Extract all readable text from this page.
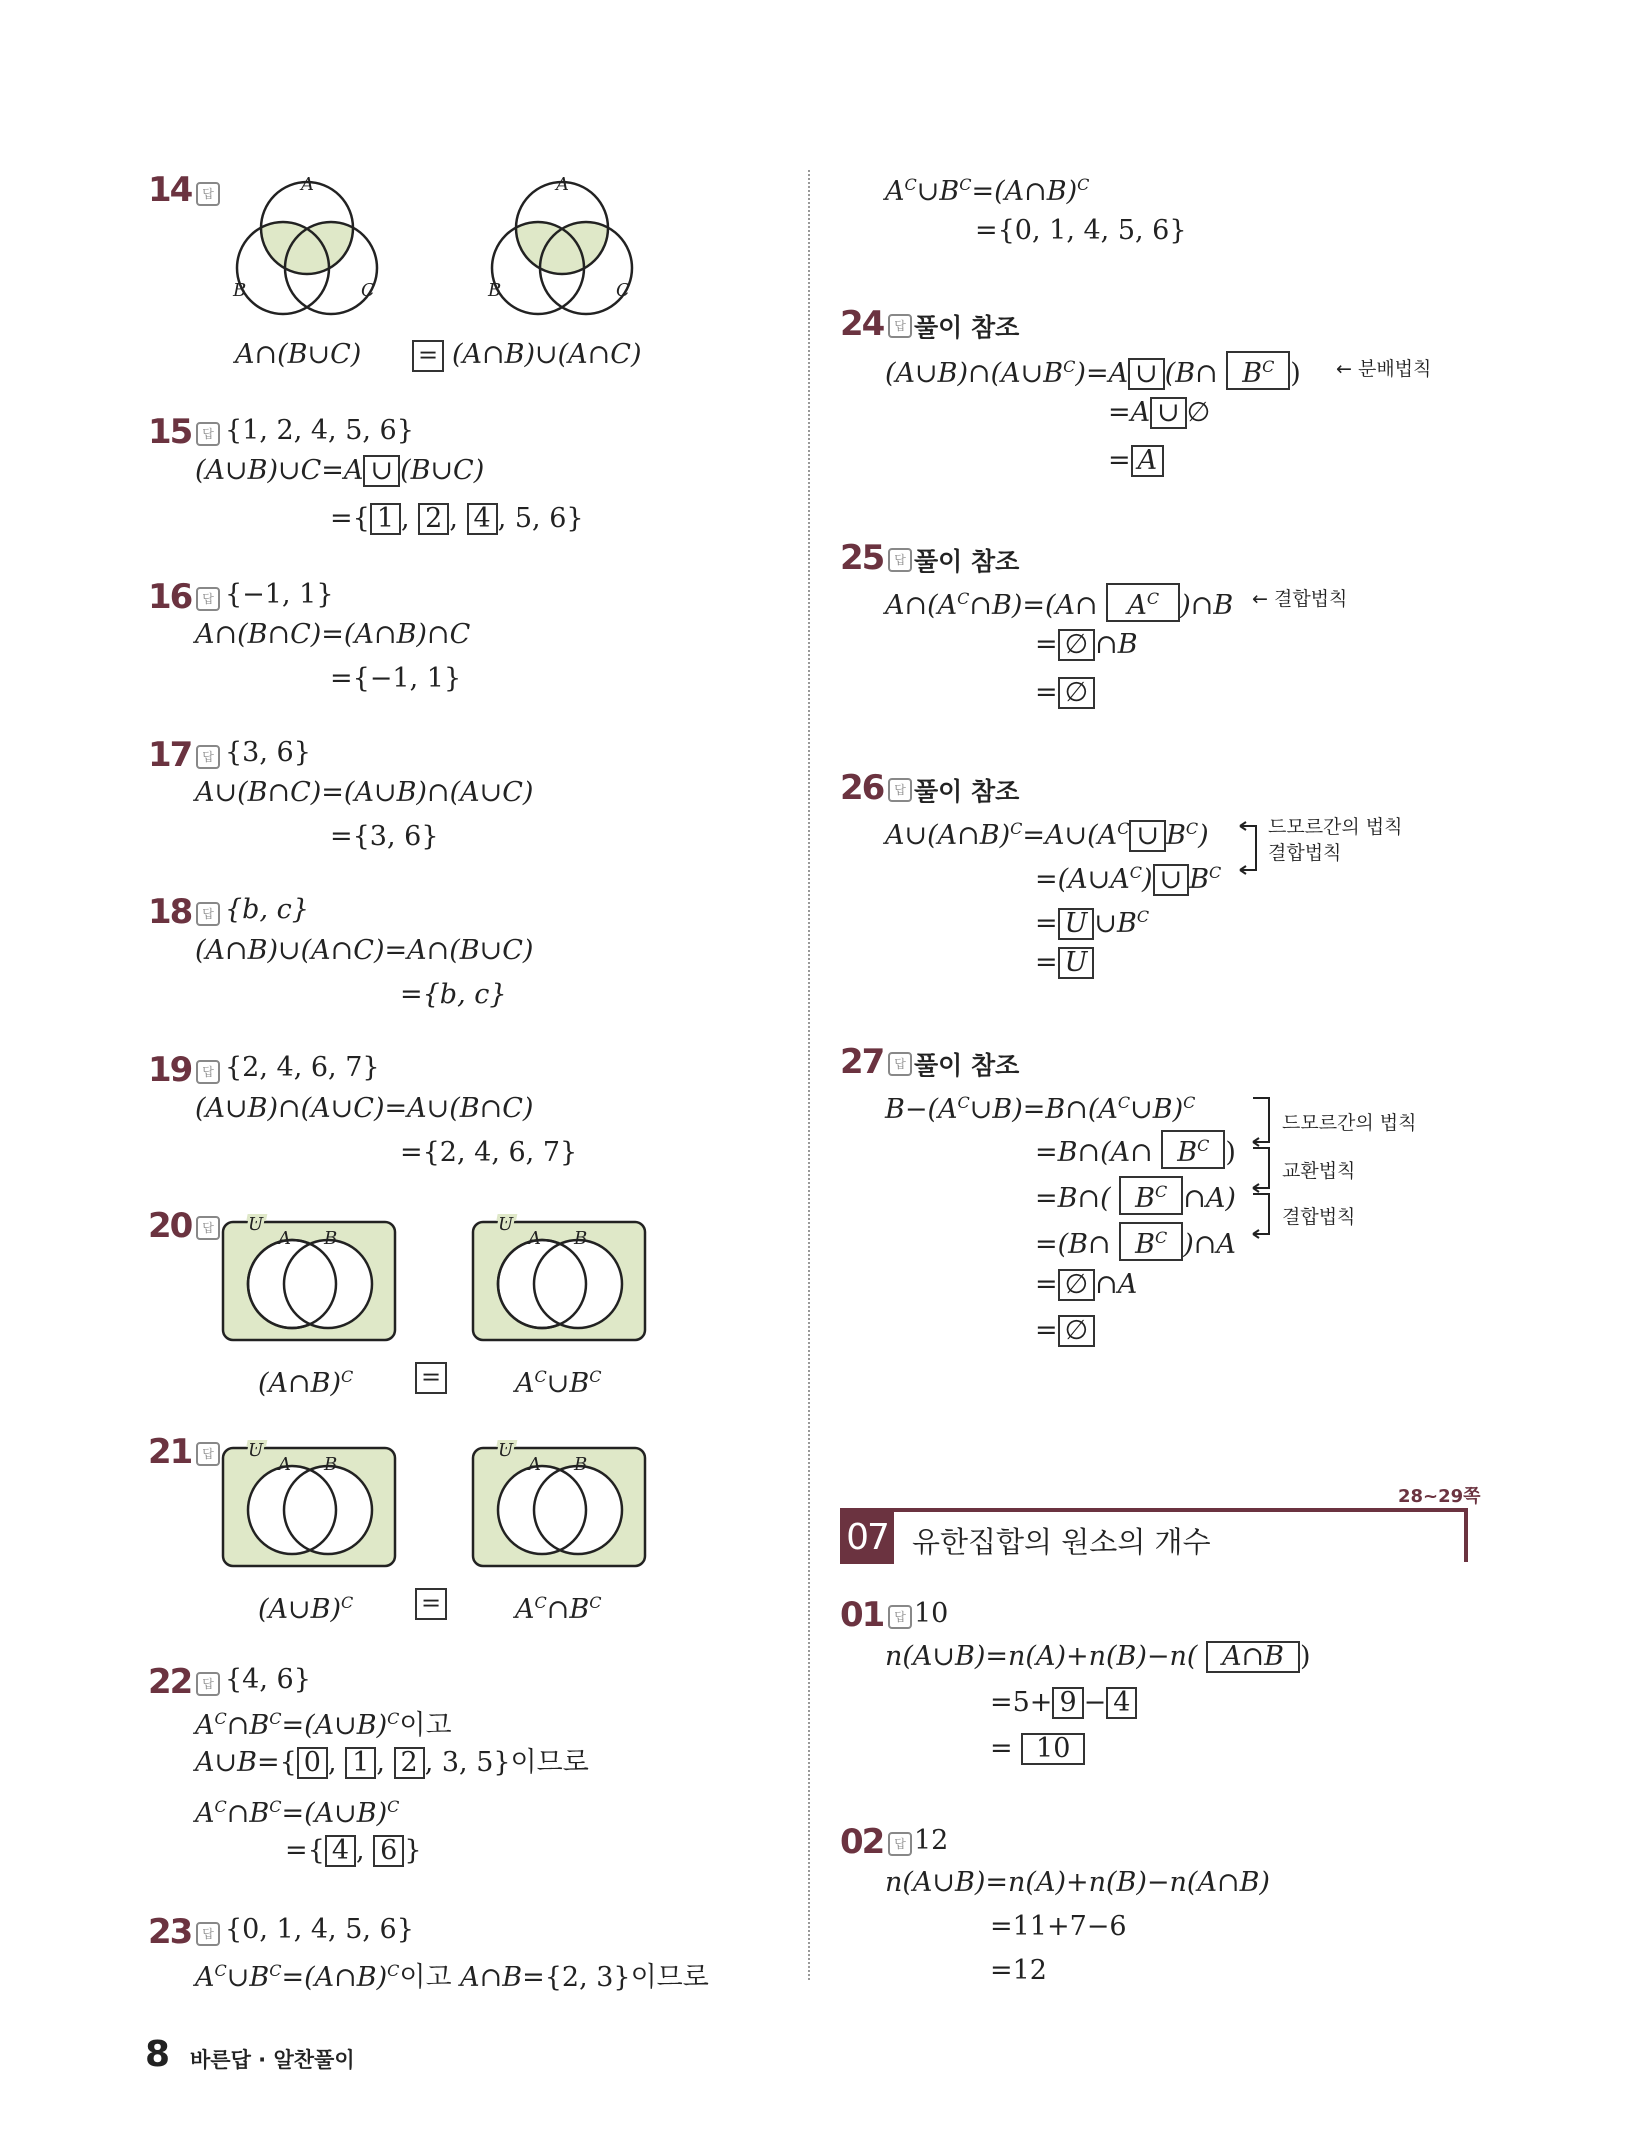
14 답	A
B	C
A
B	C
A∩(B∪C) = (A∩B)∪(A∩C)
15 답 {1, 2, 4, 5, 6}
(A∪B)∪C=A ∪ (B∪C)
={ 1 , 2 , 4 , 5, 6}
16 답 {−1, 1}
A∩(B∩C)=(A∩B)∩C
={−1, 1}
17 답 {3, 6}
A∪(B∩C)=(A∪B)∩(A∪C)
={3, 6}
18 답 {b, c}
(A∩B)∪(A∩C)=A∩(B∪C)
={b, c}
19 답 {2, 4, 6, 7}
(A∪B)∩(A∪C)=A∪(B∩C)
={2, 4, 6, 7}
20 답	U
A B
U
A B
(A∩B)$^C$	=	$A^C\cup B^C$
21 답	U
A B
U
A B
(A∪B)$^C$	=	$A^C\cap B^C$
22 답 {4, 6}
$A^C\cap B^C=(A\cup B)^C$이고
A∪B={ 0 , 1 , 2 , 3, 5}이므로
$A^C\cap B^C=(A\cup B)^C$
={ 4 , 6 }
23 답 {0, 1, 4, 5, 6}
$A^C\cup B^C=(A\cap B)^C$이고 A∩B={2, 3}이므로
$A^C\cup B^C=(A\cap B)^C$
={0, 1, 4, 5, 6}
24 답 풀이 참조
$(A\cup B)\cap(A\cup B^C)=A$ ∪ (B∩ $B^C$ ) ← 분배법칙
=A ∪ ∅
= A
25 답 풀이 참조
$A\cap(A^C\cap B)=(A\cap$ $A^C$ )∩B ← 결합법칙
= ∅ ∩B
= ∅
26 답 풀이 참조
$A\cup(A\cap B)^C=A\cup(A^C$ ∪ $B^C$)
$=(A\cup A^C)$ ∪ $B^C$
= U $\cup B^C$
= U
드모르간의 법칙
결합법칙
27 답 풀이 참조
$B-(A^C\cup B)=B\cap(A^C\cup B)^C$
=B∩(A∩ $B^C$ )
=B∩( $B^C$ ∩A)
=(B∩ $B^C$ )∩A
= ∅ ∩A
= ∅
드모르간의 법칙
교환법칙
결합법칙
28~29쪽
07 유한집합의 원소의 개수
01 답 10
n(A∪B)=n(A)+n(B)−n( A∩B )
=5+ 9 − 4
= 10
02 답 12
n(A∪B)=n(A)+n(B)−n(A∩B)
=11+7−6
=12
8 바른답 · 알찬풀이
